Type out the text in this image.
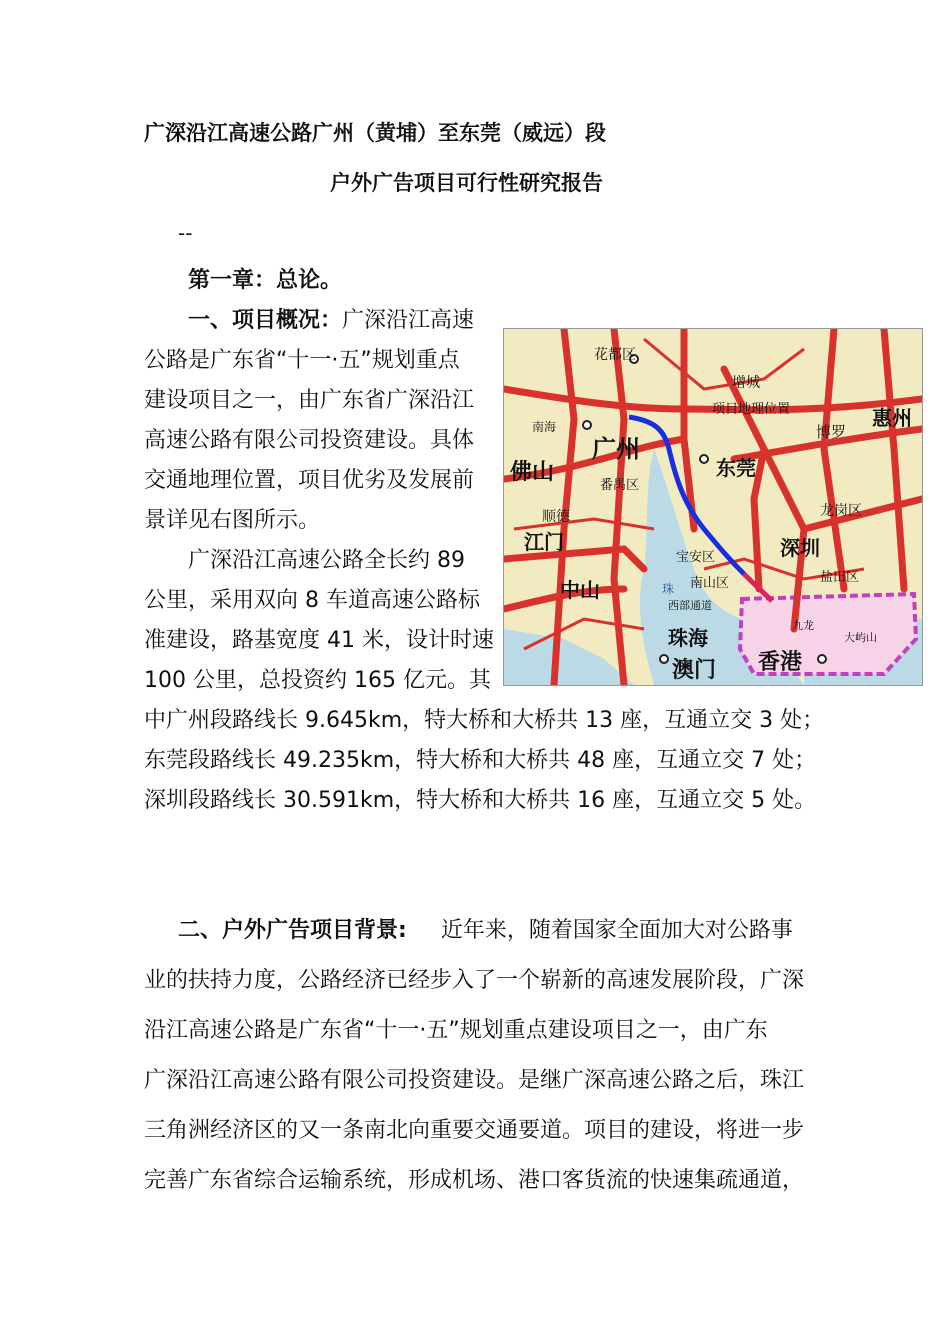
广深沿江高速公路广州（黄埔）至东莞（威远）段
户外广告项目可行性研究报告
--
第一章：总论。
一、项目概况：广深沿江高速
公路是广东省“十一·五”规划重点
建设项目之一，由广东省广深沿江
高速公路有限公司投资建设。具体
交通地理位置，项目优劣及发展前
景详见右图所示。
广深沿江高速公路全长约 89
公里，采用双向 8 车道高速公路标
准建设，路基宽度 41 米，设计时速
100 公里，总投资约 165 亿元。其
中广州段路线长 9.645km，特大桥和大桥共 13 座，互通立交 3 处；
东莞段路线长 49.235km，特大桥和大桥共 48 座，互通立交 7 处；
深圳段路线长 30.591km，特大桥和大桥共 16 座，互通立交 5 处。
花都区
增城
南海
广州
佛山
项目地理位置
东莞
博罗
惠州
番禺区
顺德	龙岗区
江门	深圳
宝安区
南山区	盐田区
中山	珠
西部通道
九龙
大屿山
珠海
澳门 香港
二、户外广告项目背景: 近年来，随着国家全面加大对公路事
业的扶持力度，公路经济已经步入了一个崭新的高速发展阶段，广深
沿江高速公路是广东省“十一·五”规划重点建设项目之一，由广东
广深沿江高速公路有限公司投资建设。是继广深高速公路之后，珠江
三角洲经济区的又一条南北向重要交通要道。项目的建设，将进一步
完善广东省综合运输系统，形成机场、港口客货流的快速集疏通道，
